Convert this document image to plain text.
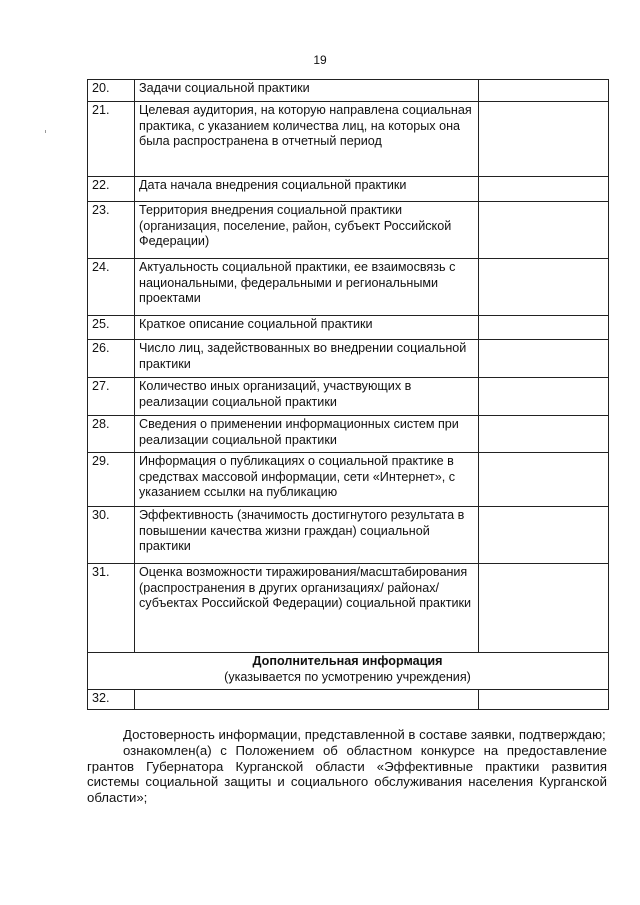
19
20.	Задачи социальной практики	
21.	Целевая аудитория, на которую направлена социальная практика, с указанием количества лиц, на которых она была распространена в отчетный период	
22.	Дата начала внедрения социальной практики	
23.	Территория внедрения социальной практики (организация, поселение, район, субъект Российской Федерации)	
24.	Актуальность социальной практики, ее взаимосвязь с национальными, федеральными и региональными проектами	
25.	Краткое описание социальной практики	
26.	Число лиц, задействованных во внедрении социальной практики	
27.	Количество иных организаций, участвующих в реализации социальной практики	
28.	Сведения о применении информационных систем при реализации социальной практики	
29.	Информация о публикациях о социальной практике в средствах массовой информации, сети «Интернет», с указанием ссылки на публикацию	
30.	Эффективность (значимость достигнутого результата в повышении качества жизни граждан) социальной практики	
31.	Оценка возможности тиражирования/масштабирования (распространения в других организациях/ районах/ субъектах Российской Федерации) социальной практики	

Дополнительная информация
(указывается по усмотрению учреждения)		

32.		

Достоверность информации, представленной в составе заявки, подтверждаю;

ознакомлен(а) с Положением об областном конкурсе на предоставление грантов Губернатора Курганской области «Эффективные практики развития системы социальной защиты и социального обслуживания населения Курганской области»;
